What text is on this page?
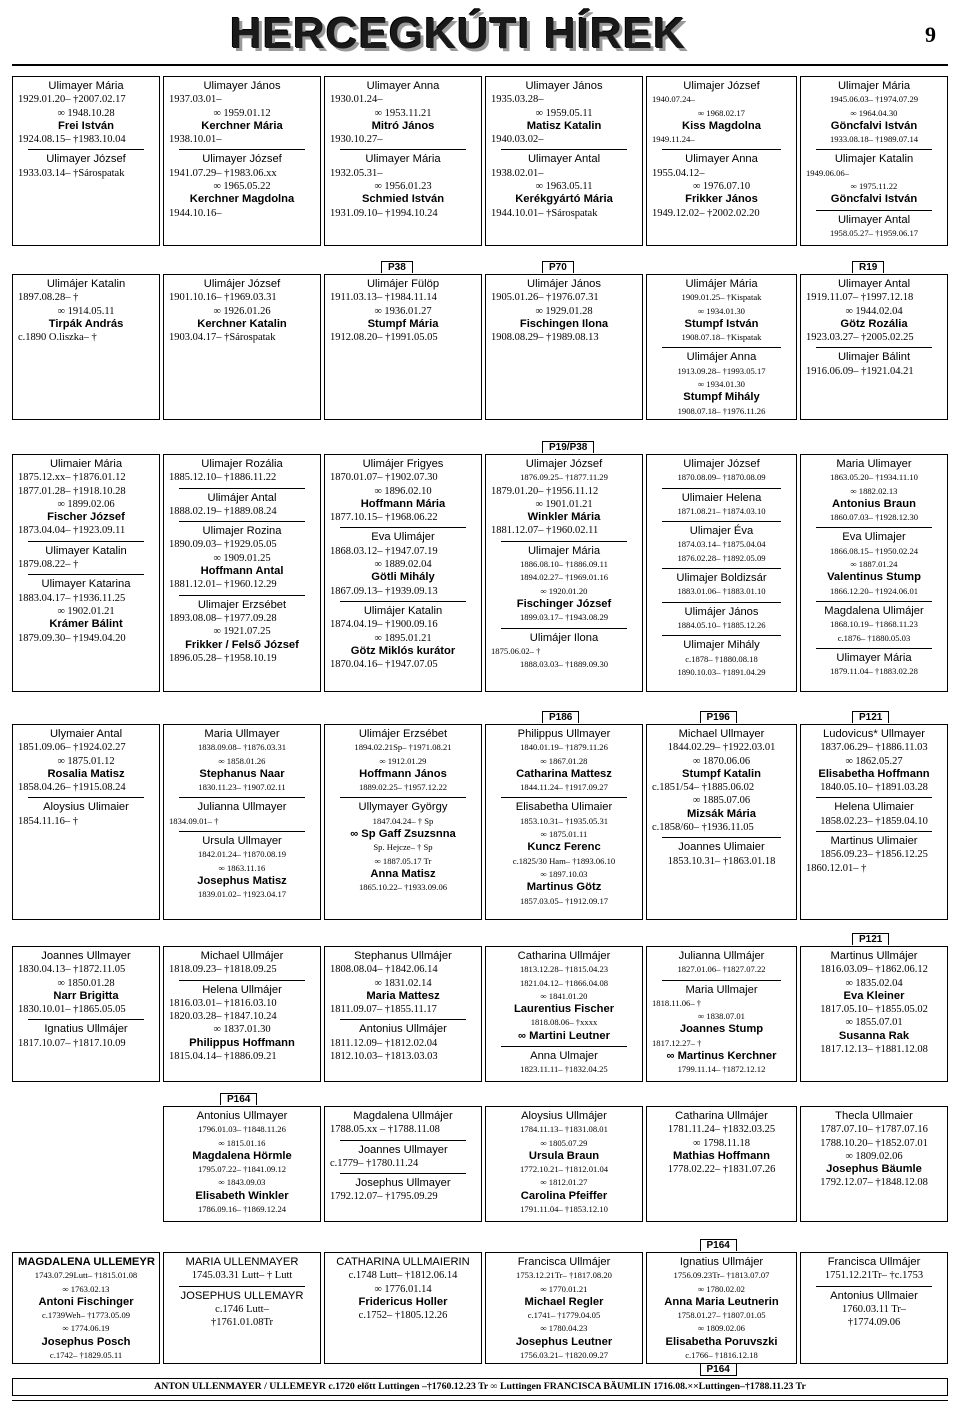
HERCEGKÚTI HÍREK	9
Ulimayer Mária
1929.01.20– †2007.02.17
∞ 1948.10.28
Frei István
1924.08.15– †1983.10.04
Ulimayer József
1933.03.14– †Sárospatak
Ulimayer János
1937.03.01–
∞ 1959.01.12
Kerchner Mária
1938.10.01–
Ulimayer József
1941.07.29– †1983.06.xx
∞ 1965.05.22
Kerchner Magdolna
1944.10.16–
Ulimayer Anna
1930.01.24–
∞ 1953.11.21
Mitró János
1930.10.27–
Ulimayer Mária
1932.05.31–
∞ 1956.01.23
Schmied István
1931.09.10– †1994.10.24
Ulimayer János
1935.03.28–
∞ 1959.05.11
Matisz Katalin
1940.03.02–
Ulimayer Antal
1938.02.01–
∞ 1963.05.11
Kerékgyártó Mária
1944.10.01– †Sárospatak
Ulimajer József
1940.07.24–
∞ 1968.02.17
Kiss Magdolna
1949.11.24–
Ulimayer Anna
1955.04.12–
∞ 1976.07.10
Frikker János
1949.12.02– †2002.02.20
Ulimajer Mária
1945.06.03– †1974.07.29
∞ 1964.04.30
Göncfalvi István
1933.08.18– †1989.07.14
Ulimajer Katalin
1949.06.06–
∞ 1975.11.22
Göncfalvi István
Ulimayer Antal
1958.05.27– †1959.06.17
Ulimájer Katalin
1897.08.28– †
∞ 1914.05.11
Tirpák András
c.1890 O.liszka– †
Ulimájer József
1901.10.16– †1969.03.31
∞ 1926.01.26
Kerchner Katalin
1903.04.17– †Sárospatak
Ulimájer Fülöp
1911.03.13– †1984.11.14
∞ 1936.01.27
Stumpf Mária
1912.08.20– †1991.05.05
P38
Ulimájer János
1905.01.26– †1976.07.31
∞ 1929.01.28
Fischingen Ilona
1908.08.29– †1989.08.13
P70
Ulimájer Mária
1909.01.25– †Kispatak
∞ 1934.01.30
Stumpf István
1908.07.18– †Kispatak
Ulimájer Anna
1913.09.28– †1993.05.17
∞ 1934.01.30
Stumpf Mihály
1908.07.18– †1976.11.26
Ulimayer Antal
1919.11.07– †1997.12.18
∞ 1944.02.04
Götz Rozália
1923.03.27– †2005.02.25
Ulimajer Bálint
1916.06.09– †1921.04.21
R19
Ulimaier Mária
1875.12.xx– †1876.01.12
1877.01.28– †1918.10.28
∞ 1899.02.06
Fischer József
1873.04.04– †1923.09.11
Ulimayer Katalin
1879.08.22– †
Ulimayer Katarina
1883.04.17– †1936.11.25
∞ 1902.01.21
Krámer Bálint
1879.09.30– †1949.04.20
Ulimajer Rozália
1885.12.10– †1886.11.22
Ulimájer Antal
1888.02.19– †1889.08.24
Ulimajer Rozina
1890.09.03– †1929.05.05
∞ 1909.01.25
Hoffmann Antal
1881.12.01– †1960.12.29
Ulimajer Erzsébet
1893.08.08– †1977.09.28
∞ 1921.07.25
Frikker / Felső József
1896.05.28– †1958.10.19
Ulimájer Frigyes
1870.01.07– †1902.07.30
∞ 1896.02.10
Hoffmann Mária
1877.10.15– †1968.06.22
Eva Ulimájer
1868.03.12– †1947.07.19
∞ 1889.02.04
Götli Mihály
1867.09.13– †1939.09.13
Ulimájer Katalin
1874.04.19– †1900.09.16
∞ 1895.01.21
Götz Miklós kurátor
1870.04.16– †1947.07.05
Ulimajer József
1876.09.25– †1877.11.29
1879.01.20– †1956.11.12
∞ 1901.01.21
Winkler Mária
1881.12.07– †1960.02.11
Ulimajer Mária
1886.08.10– †1886.09.11
1894.02.27– †1969.01.16
∞ 1920.01.20
Fischinger József
1899.03.17– †1943.08.29
Ulimájer Ilona
1875.06.02– †
1888.03.03– †1889.09.30
P19/P38
Ulimajer József
1870.08.09– †1870.08.09
Ulimaier Helena
1871.08.21– †1874.03.10
Ulimajer Éva
1874.03.14– †1875.04.04
1876.02.28– †1892.05.09
Ulimajer Boldizsár
1883.01.06– †1883.01.10
Ulimájer János
1884.05.10– †1885.12.26
Ulimajer Mihály
c.1878– †1880.08.18
1890.10.03– †1891.04.29
Maria Ulimayer
1863.05.20– †1934.11.10
∞ 1882.02.13
Antonius Braun
1860.07.03– †1928.12.30
Eva Ulimajer
1866.08.15– †1950.02.24
∞ 1887.01.24
Valentinus Stump
1866.12.20– †1924.06.01
Magdalena Ulimájer
1868.10.19– †1868.11.23
c.1876– †1880.05.03
Ulimayer Mária
1879.11.04– †1883.02.28
Ulymaier Antal
1851.09.06– †1924.02.27
∞ 1875.01.12
Rosalia Matisz
1858.04.26– †1915.08.24
Aloysius Ulimaier
1854.11.16– †
Maria Ullmayer
1838.09.08– †1876.03.31
∞ 1858.01.26
Stephanus Naar
1830.11.23– †1907.02.11
Julianna Ullmayer
1834.09.01– †
Ursula Ullmayer
1842.01.24– †1870.08.19
∞ 1863.11.16
Josephus Matisz
1839.01.02– †1923.04.17
Ulimájer Erzsébet
1894.02.21Sp– †1971.08.21
∞ 1912.01.29
Hoffmann János
1889.02.25– †1957.12.22
Ullymayer György
1847.04.24– † Sp
∞ Sp Gaff Zsuzsnna
Sp. Hejcze– † Sp
∞ 1887.05.17 Tr
Anna Matisz
1865.10.22– †1933.09.06
Philippus Ullmayer
1840.01.19– †1879.11.26
∞ 1867.01.28
Catharina Mattesz
1844.11.24– †1917.09.27
Elisabetha Ulimaier
1853.10.31– †1935.05.31
∞ 1875.01.11
Kuncz Ferenc
c.1825/30 Ham– †1893.06.10
∞ 1897.10.03
Martinus Götz
1857.03.05– †1912.09.17
P186
Michael Ullmayer
1844.02.29– †1922.03.01
∞ 1870.06.06
Stumpf Katalin
c.1851/54– †1885.06.02
∞ 1885.07.06
Mizsák Mária
c.1858/60– †1936.11.05
Joannes Ulimaier
1853.10.31– †1863.01.18
P196
Ludovicus* Ullmayer
1837.06.29– †1886.11.03
∞ 1862.05.27
Elisabetha Hoffmann
1840.05.10– †1891.03.28
Helena Ulimaier
1858.02.23– †1859.04.10
Martinus Ulimaier
1856.09.23– †1856.12.25
1860.12.01– †
P121
Joannes Ullmayer
1830.04.13– †1872.11.05
∞ 1850.01.28
Narr Brigitta
1830.10.01– †1865.05.05
Ignatius Ullmájer
1817.10.07– †1817.10.09
Michael Ullmájer
1818.09.23– †1818.09.25
Helena Ullmájer
1816.03.01– †1816.03.10
1820.03.28– †1847.10.24
∞ 1837.01.30
Philippus Hoffmann
1815.04.14– †1886.09.21
Stephanus Ullmájer
1808.08.04– †1842.06.14
∞ 1831.02.14
Maria Mattesz
1811.09.07– †1855.11.17
Antonius Ullmájer
1811.12.09– †1812.02.04
1812.10.03– †1813.03.03
Catharina Ullmájer
1813.12.28– †1815.04.23
1821.04.12– †1866.04.08
∞ 1841.01.20
Laurentius Fischer
1818.08.06– †xxxx
∞ Martini Leutner
Anna Ulmajer
1823.11.11– †1832.04.25
Julianna Ullmájer
1827.01.06– †1827.07.22
Maria Ullmajer
1818.11.06– †
∞ 1838.07.01
Joannes Stump
1817.12.27– †
∞ Martinus Kerchner
1799.11.14– †1872.12.12
Martinus Ullmájer
1816.03.09– †1862.06.12
∞ 1835.02.04
Eva Kleiner
1817.05.10– †1855.05.02
∞ 1855.07.01
Susanna Rak
1817.12.13– †1881.12.08
P121
Antonius Ullmayer
1796.01.03– †1848.11.26
∞ 1815.01.16
Magdalena Hörmle
1795.07.22– †1841.09.12
∞ 1843.09.03
Elisabeth Winkler
1786.09.16– †1869.12.24
P164
Magdalena Ullmájer
1788.05.xx – †1788.11.08
Joannes Ullmayer
c.1779– †1780.11.24
Josephus Ullmayer
1792.12.07– †1795.09.29
Aloysius Ullmájer
1784.11.13– †1831.08.01
∞ 1805.07.29
Ursula Braun
1772.10.21– †1812.01.04
∞ 1812.01.27
Carolina Pfeiffer
1791.11.04– †1853.12.10
Catharina Ullmájer
1781.11.24– †1832.03.25
∞ 1798.11.18
Mathias Hoffmann
1778.02.22– †1831.07.26
Thecla Ullmaier
1787.07.10– †1787.07.16
1788.10.20– †1852.07.01
∞ 1809.02.06
Josephus Bäumle
1792.12.07– †1848.12.08
MAGDALENA ULLEMEYR
1743.07.29Lutt– †1815.01.08
∞ 1763.02.13
Antoni Fischinger
c.1739Weh– †1773.05.09
∞ 1774.06.19
Josephus Posch
c.1742– †1829.05.11
MARIA ULLENMAYER
1745.03.31 Lutt– † Lutt
JOSEPHUS ULLEMAYR
c.1746 Lutt–
†1761.01.08Tr
CATHARINA ULLMAIERIN
c.1748 Lutt– †1812.06.14
∞ 1776.01.14
Fridericus Holler
c.1752– †1805.12.26
Francisca Ullmájer
1753.12.21Tr– †1817.08.20
∞ 1770.01.21
Michael Regler
c.1741– †1779.04.05
∞ 1780.04.23
Josephus Leutner
1756.03.21– †1820.09.27
Ignatius Ullmájer
1756.09.23Tr– †1813.07.07
∞ 1780.02.02
Anna Maria Leutnerin
1758.01.27– †1807.01.05
∞ 1809.02.06
Elisabetha Poruvszki
c.1766– †1816.12.18
P164
P164
Francisca Ullmájer
1751.12.21Tr– †c.1753
Antonius Ullmaier
1760.03.11 Tr–
†1774.09.06
ANTON ULLENMAYER / ULLEMEYR c.1720 előtt Luttingen –†1760.12.23 Tr ∞ Luttingen FRANCISCA BÄUMLIN 1716.08.××Luttingen–†1788.11.23 Tr
